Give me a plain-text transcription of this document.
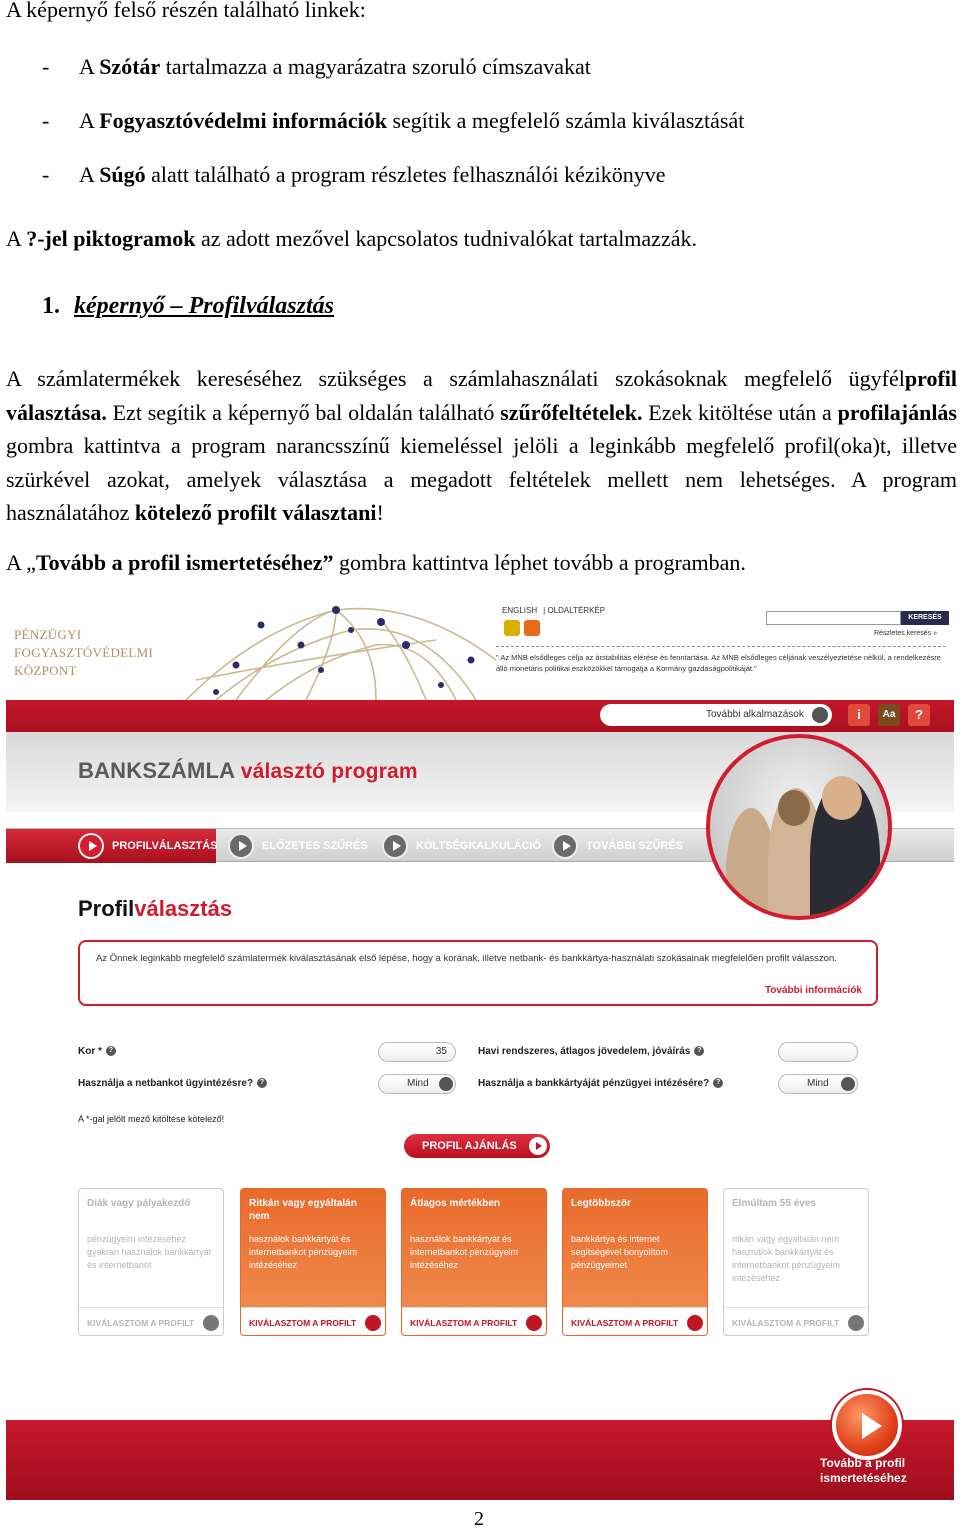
A képernyő felső részén található linkek:
-	A Szótár tartalmazza a magyarázatra szoruló címszavakat
-	A Fogyasztóvédelmi információk segítik a megfelelő számla kiválasztását
-	A Súgó alatt található a program részletes felhasználói kézikönyve
A ?-jel piktogramok az adott mezővel kapcsolatos tudnivalókat tartalmazzák.
1. képernyő – Profilválasztás
A számlatermékek kereséséhez szükséges a számlahasználati szokásoknak megfelelő ügyfélprofil választása. Ezt segítik a képernyő bal oldalán található szűrőfeltételek. Ezek kitöltése után a profilajánlás gombra kattintva a program narancsszínű kiemeléssel jelöli a leginkább megfelelő profil(oka)t, illetve szürkével azokat, amelyek választása a megadott feltételek mellett nem lehetséges. A program használatához kötelező profilt választani!
A „Tovább a profil ismertetéséhez” gombra kattintva léphet tovább a programban.
PÉNZÜGYI
FOGYASZTÓVÉDELMI
KÖZPONT
ENGLISH | OLDALTÉRKÉP
KERESÉS
Részletes keresés »
" Az MNB elsődleges célja az árstabilitás elérése és fenntartása. Az MNB elsődleges céljának veszélyeztetése nélkül, a rendelkezésre álló monetáris politikai eszközökkel támogatja a Kormány gazdaságpolitikáját."
További alkalmazások	i	Aa	?
BANKSZÁMLA választó program
PROFILVÁLASZTÁS	ELŐZETES SZŰRÉS	KÖLTSÉGKALKULÁCIÓ	TOVÁBBI SZŰRÉS
Profilválasztás
Az Önnek leginkább megfelelő számlatermék kiválasztásának első lépése, hogy a korának, illetve netbank- és bankkártya-használati szokásainak megfelelően profilt válasszon.
További információk
Kor * ?	35	Havi rendszeres, átlagos jövedelem, jóváírás ?
Használja a netbankot ügyintézésre? ?	Mind	Használja a bankkártyáját pénzügyei intézésére? ?	Mind
A *-gal jelölt mező kitöltése kötelező!
PROFIL AJÁNLÁS
Diák vagy pályakezdő
pénzügyeim intézéséhez gyakran használok bankkártyát és internetbanot
KIVÁLASZTOM A PROFILT
Ritkán vagy egyáltalán nem
használok bankkártyát és internetbankot pénzügyeim intézéséhez
KIVÁLASZTOM A PROFILT
Átlagos mértékben
használok bankkártyát és internetbankot pénzügyeim intézéséhez
KIVÁLASZTOM A PROFILT
Legtöbbször
bankkártya és internet segítségével bonyolítom pénzügyeimet
KIVÁLASZTOM A PROFILT
Elmúltam 55 éves
ritkán vagy egyáltalán nem használok bankkártyát és internetbankot pénzügyeim intézéséhez
KIVÁLASZTOM A PROFILT
Tovább a profil ismertetéséhez
2
